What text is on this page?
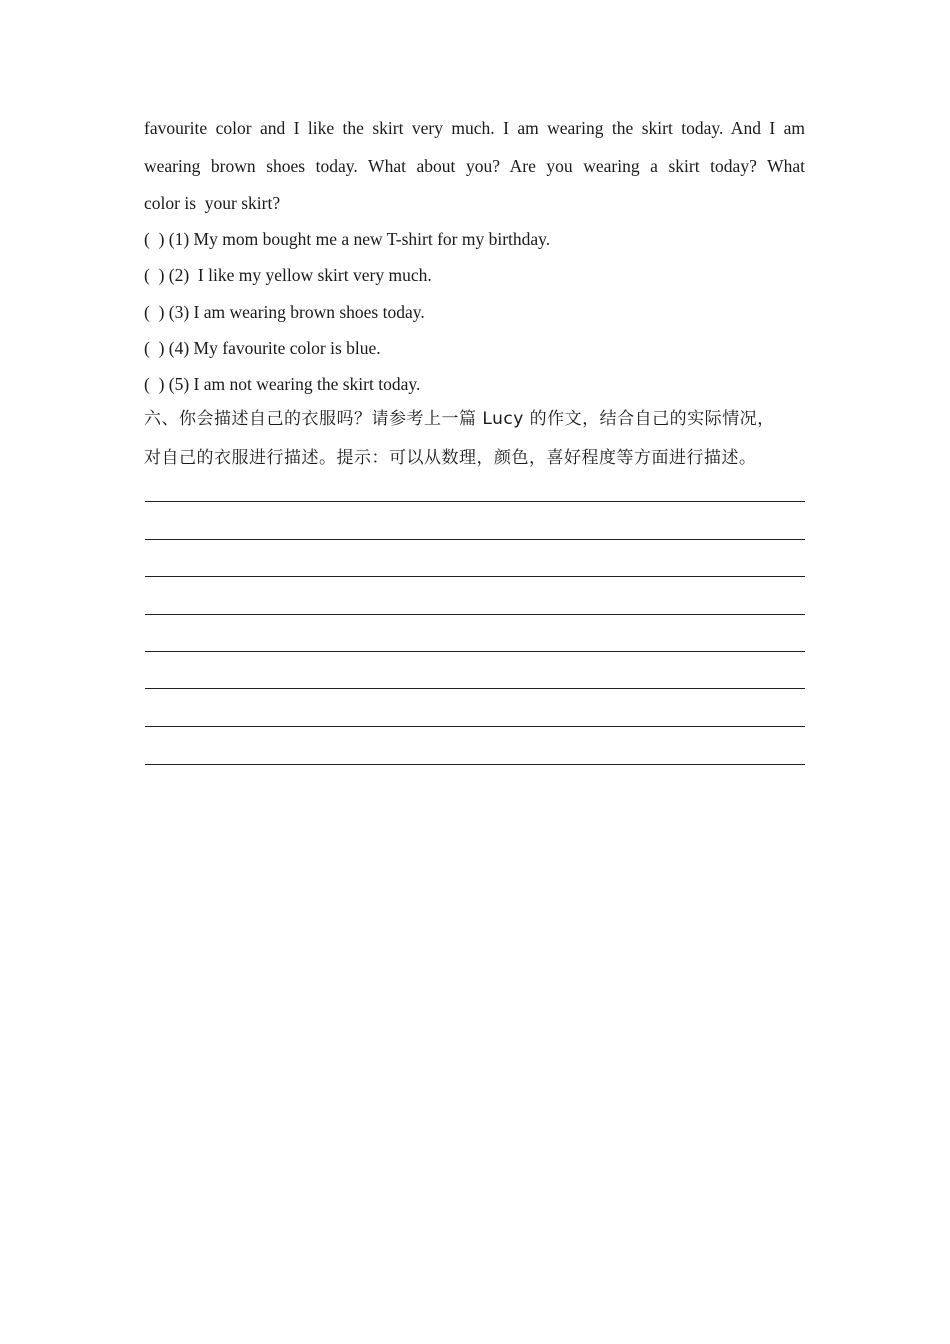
favourite color and I like the skirt very much. I am wearing the skirt today. And I am
wearing brown shoes today. What about you? Are you wearing a skirt today? What
color is  your skirt?
(  ) (1) My mom bought me a new T-shirt for my birthday.
(  ) (2)  I like my yellow skirt very much.
(  ) (3) I am wearing brown shoes today.
(  ) (4) My favourite color is blue.
(  ) (5) I am not wearing the skirt today.
六、你会描述自己的衣服吗？请参考上一篇 Lucy 的作文，结合自己的实际情况，
对自己的衣服进行描述。提示：可以从数理，颜色，喜好程度等方面进行描述。
